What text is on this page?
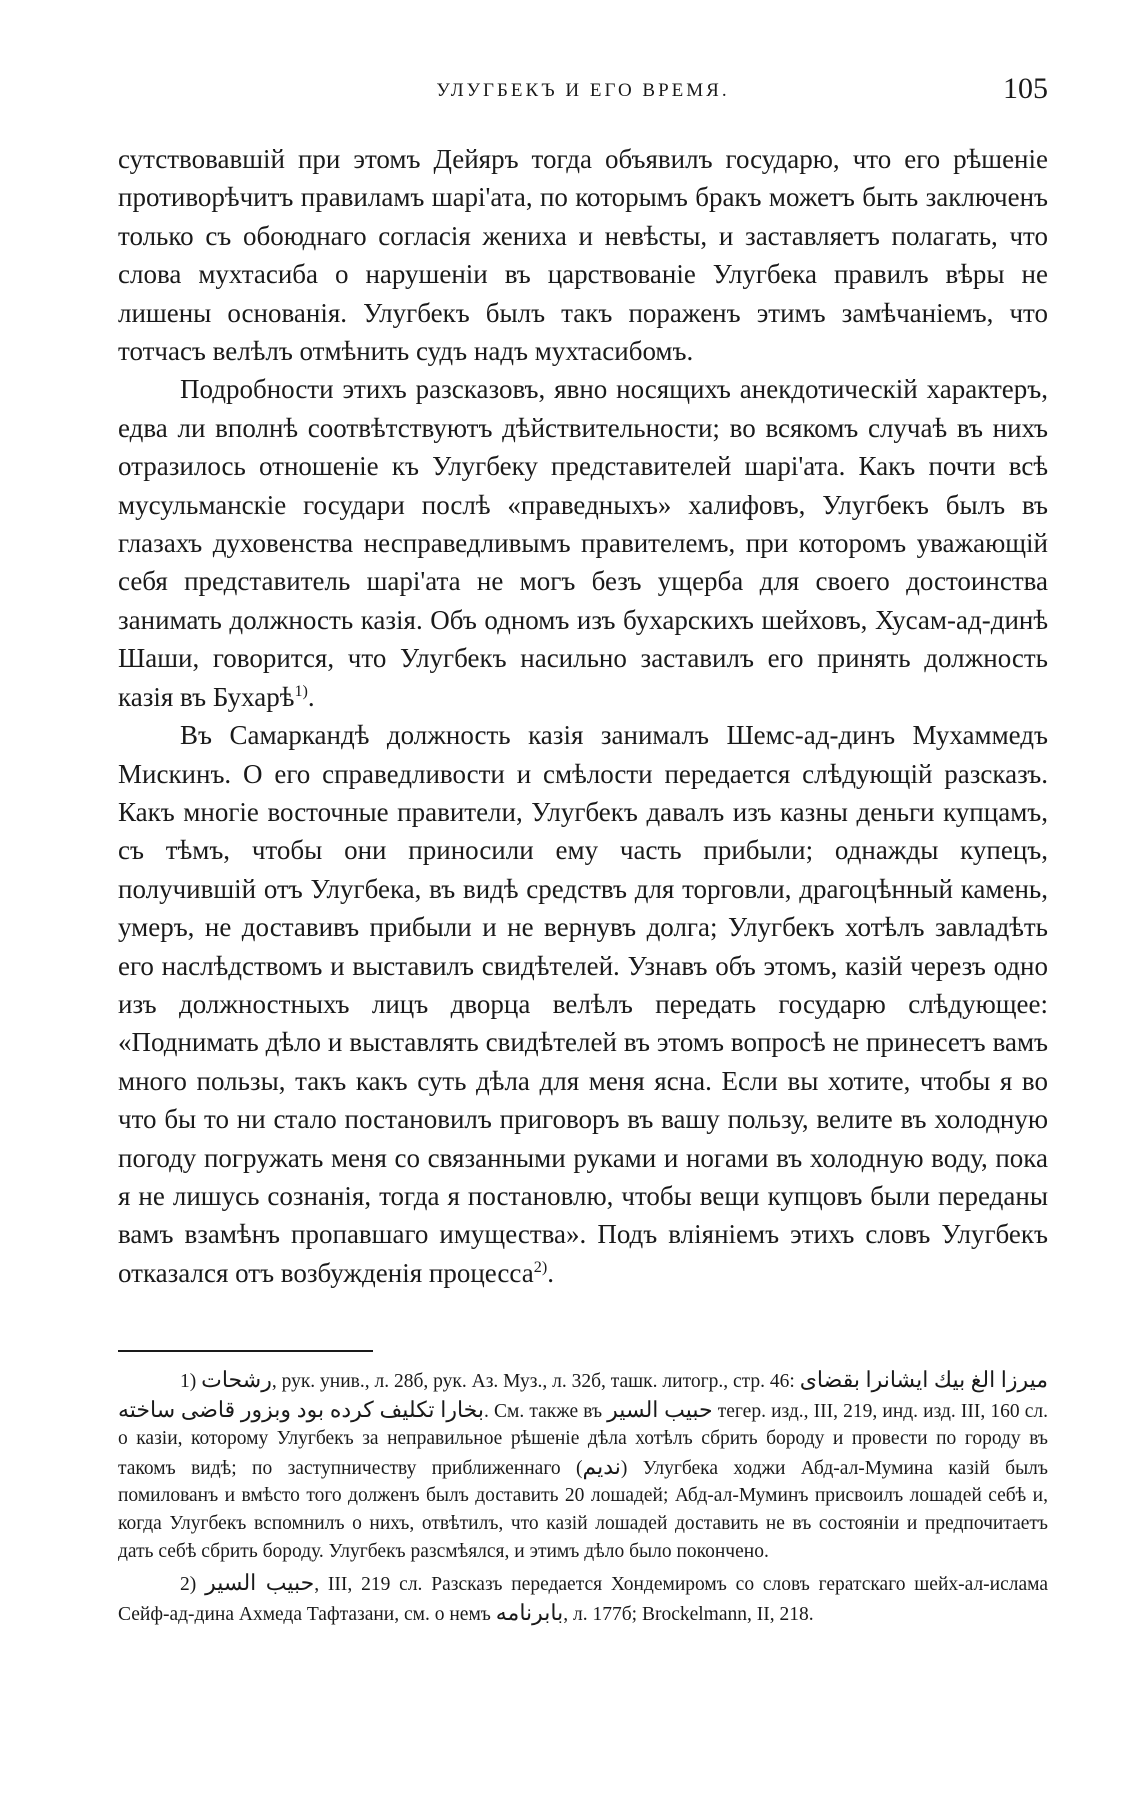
УЛУГБЕКЪ И ЕГО ВРЕМЯ.	105

сутствовавшій при этомъ Дейяръ тогда объявилъ государю, что его рѣшеніе противорѣчитъ правиламъ шарі'ата, по которымъ бракъ можетъ быть заключенъ только съ обоюднаго согласія жениха и невѣсты, и заставляетъ полагать, что слова мухтасиба о нарушеніи въ царствованіе Улугбека правилъ вѣры не лишены основанія. Улугбекъ былъ такъ пораженъ этимъ замѣчаніемъ, что тотчасъ велѣлъ отмѣнить судъ надъ мухтасибомъ.

Подробности этихъ разсказовъ, явно носящихъ анекдотическій характеръ, едва ли вполнѣ соотвѣтствуютъ дѣйствительности; во всякомъ случаѣ въ нихъ отразилось отношеніе къ Улугбеку представителей шарі'ата. Какъ почти всѣ мусульманскіе государи послѣ «праведныхъ» халифовъ, Улугбекъ былъ въ глазахъ духовенства несправедливымъ правителемъ, при которомъ уважающій себя представитель шарі'ата не могъ безъ ущерба для своего достоинства занимать должность казія. Объ одномъ изъ бухарскихъ шейховъ, Хусам-ад-динѣ Шаши, говорится, что Улугбекъ насильно заставилъ его принять должность казія въ Бухарѣ$^{1)}$.

Въ Самаркандѣ должность казія занималъ Шемс-ад-динъ Мухаммедъ Мискинъ. О его справедливости и смѣлости передается слѣдующій разсказъ. Какъ многіе восточные правители, Улугбекъ давалъ изъ казны деньги купцамъ, съ тѣмъ, чтобы они приносили ему часть прибыли; однажды купецъ, получившій отъ Улугбека, въ видѣ средствъ для торговли, драгоцѣнный камень, умеръ, не доставивъ прибыли и не вернувъ долга; Улугбекъ хотѣлъ завладѣть его наслѣдствомъ и выставилъ свидѣтелей. Узнавъ объ этомъ, казій черезъ одно изъ должностныхъ лицъ дворца велѣлъ передать государю слѣдующее: «Поднимать дѣло и выставлять свидѣтелей въ этомъ вопросѣ не принесетъ вамъ много пользы, такъ какъ суть дѣла для меня ясна. Если вы хотите, чтобы я во что бы то ни стало постановилъ приговоръ въ вашу пользу, велите въ холодную погоду погружать меня со связанными руками и ногами въ холодную воду, пока я не лишусь сознанія, тогда я постановлю, чтобы вещи купцовъ были переданы вамъ взамѣнъ пропавшаго имущества». Подъ вліяніемъ этихъ словъ Улугбекъ отказался отъ возбужденія процесса$^{2)}$.

1) رشحات, рук. унив., л. 28б, рук. Аз. Муз., л. 32б, ташк. литогр., стр. 46: میرزا الغ بیك ایشانرا بقضای بخارا تکلیف کرده بود وبزور قاضی ساخته. См. также въ حبیب السیر тегер. изд., III, 219, инд. изд. III, 160 сл. о казіи, которому Улугбекъ за неправильное рѣшеніе дѣла хотѣлъ сбрить бороду и провести по городу въ такомъ видѣ; по заступничеству приближеннаго (ندیم) Улугбека ходжи Абд-ал-Мумина казій былъ помилованъ и вмѣсто того долженъ былъ доставить 20 лошадей; Абд-ал-Муминъ присвоилъ лошадей себѣ и, когда Улугбекъ вспомнилъ о нихъ, отвѣтилъ, что казій лошадей доставить не въ состояніи и предпочитаетъ дать себѣ сбрить бороду. Улугбекъ разсмѣялся, и этимъ дѣло было покончено.

2) حبیب السیر, III, 219 сл. Разсказъ передается Хондемиромъ со словъ гератскаго шейх-ал-ислама Сейф-ад-дина Ахмеда Тафтазани, см. о немъ بابرنامه, л. 177б; Brockelmann, II, 218.
